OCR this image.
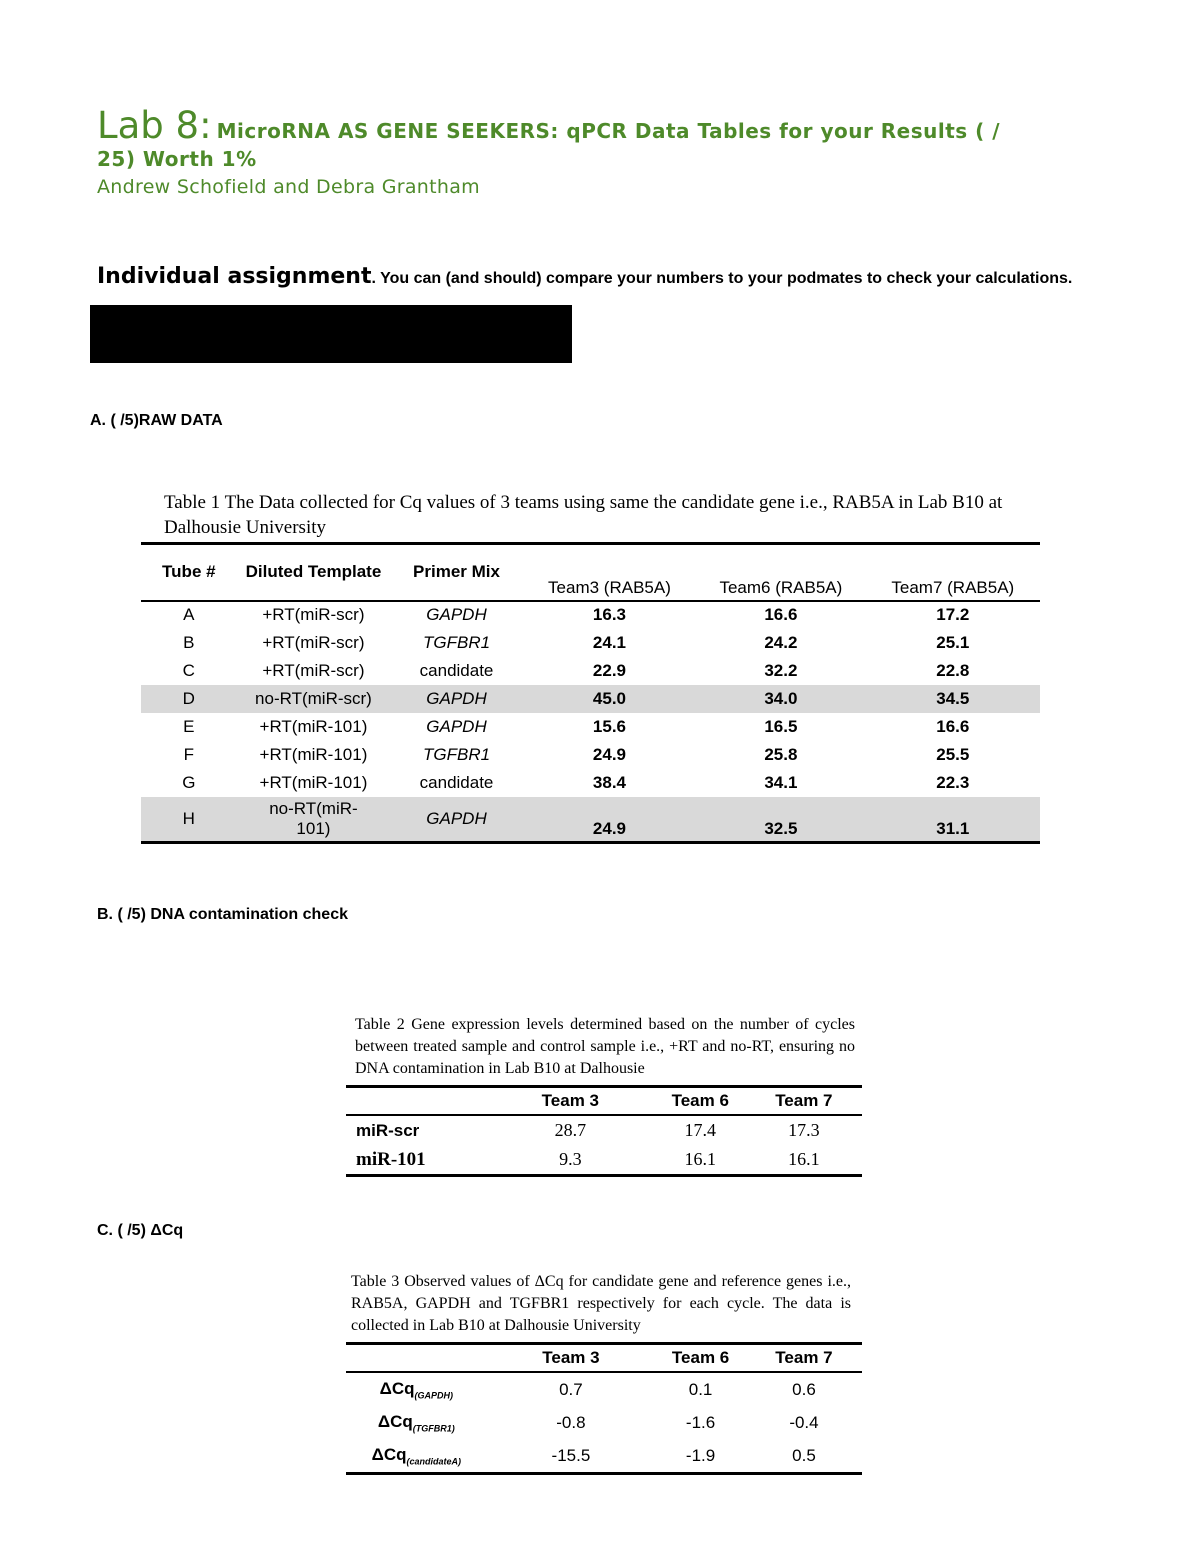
Lab 8: MicroRNA AS GENE SEEKERS: qPCR Data Tables for your Results ( /
25) Worth 1%
Andrew Schofield and Debra Grantham
Individual assignment. You can (and should) compare your numbers to your podmates to check your calculations.
A. ( /5)RAW DATA
Table 1 The Data collected for Cq values of 3 teams using same the candidate gene i.e., RAB5A in Lab B10 at Dalhousie University
Tube #	Diluted Template	Primer Mix	Team3 (RAB5A)	Team6 (RAB5A)	Team7 (RAB5A)
A	+RT(miR-scr)	GAPDH	16.3	16.6	17.2
B	+RT(miR-scr)	TGFBR1	24.1	24.2	25.1
C	+RT(miR-scr)	candidate	22.9	32.2	22.8
D	no-RT(miR-scr)	GAPDH	45.0	34.0	34.5
E	+RT(miR-101)	GAPDH	15.6	16.5	16.6
F	+RT(miR-101)	TGFBR1	24.9	25.8	25.5
G	+RT(miR-101)	candidate	38.4	34.1	22.3
H	no-RT(miR-101)	GAPDH	24.9	32.5	31.1
B. ( /5) DNA contamination check
Table 2 Gene expression levels determined based on the number of cycles between treated sample and control sample i.e., +RT and no-RT, ensuring no DNA contamination in Lab B10 at Dalhousie
	Team 3	Team 6	Team 7
miR-scr	28.7	17.4	17.3
miR-101	9.3	16.1	16.1
C. ( /5) ΔCq
Table 3 Observed values of ΔCq for candidate gene and reference genes i.e., RAB5A, GAPDH and TGFBR1 respectively for each cycle. The data is collected in Lab B10 at Dalhousie University
	Team 3	Team 6	Team 7
ΔCq$_{(GAPDH)}$	0.7	0.1	0.6
ΔCq$_{(TGFBR1)}$	-0.8	-1.6	-0.4
ΔCq$_{(candidateA)}$	-15.5	-1.9	0.5
